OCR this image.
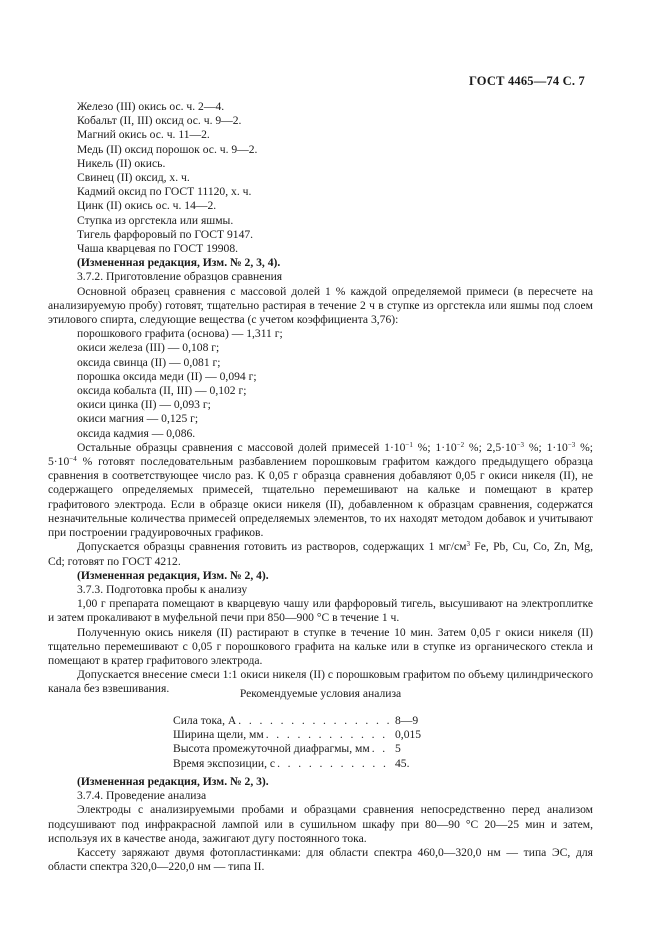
ГОСТ 4465—74 С. 7
Железо (III) окись ос. ч. 2—4.
Кобальт (II, III) оксид ос. ч. 9—2.
Магний окись ос. ч. 11—2.
Медь (II) оксид порошок ос. ч. 9—2.
Никель (II) окись.
Свинец (II) оксид, х. ч.
Кадмий оксид по ГОСТ 11120, х. ч.
Цинк (II) окись ос. ч. 14—2.
Ступка из оргстекла или яшмы.
Тигель фарфоровый по ГОСТ 9147.
Чаша кварцевая по ГОСТ 19908.
(Измененная редакция, Изм. № 2, 3, 4).
3.7.2. Приготовление образцов сравнения
Основной образец сравнения с массовой долей 1 % каждой определяемой примеси (в пересчете на анализируемую пробу) готовят, тщательно растирая в течение 2 ч в ступке из оргстекла или яшмы под слоем этилового спирта, следующие вещества (с учетом коэффициента 3,76):
порошкового графита (основа) — 1,311 г;
окиси железа (III) — 0,108 г;
оксида свинца (II) — 0,081 г;
порошка оксида меди (II) — 0,094 г;
оксида кобальта (II, III) — 0,102 г;
окиси цинка (II) — 0,093 г;
окиси магния — 0,125 г;
оксида кадмия — 0,086.
Остальные образцы сравнения с массовой долей примесей $1\cdot 10^{-1}$ %; $1\cdot 10^{-2}$ %; $2,5\cdot 10^{-3}$ %; $1\cdot 10^{-3}$ %; $5\cdot 10^{-4}$ % готовят последовательным разбавлением порошковым графитом каждого предыдущего образца сравнения в соответствующее число раз. К 0,05 г образца сравнения добавляют 0,05 г окиси никеля (II), не содержащего определяемых примесей, тщательно перемешивают на кальке и помещают в кратер графитового электрода. Если в образце окиси никеля (II), добавленном к образцам сравнения, содержатся незначительные количества примесей определяемых элементов, то их находят методом добавок и учитывают при построении градуировочных графиков.
Допускается образцы сравнения готовить из растворов, содержащих 1 $мг/см^3$ Fe, Pb, Cu, Co, Zn, Mg, Cd; готовят по ГОСТ 4212.
(Измененная редакция, Изм. № 2, 4).
3.7.3. Подготовка пробы к анализу
1,00 г препарата помещают в кварцевую чашу или фарфоровый тигель, высушивают на электроплитке и затем прокаливают в муфельной печи при 850—900 °С в течение 1 ч.
Полученную окись никеля (II) растирают в ступке в течение 10 мин. Затем 0,05 г окиси никеля (II) тщательно перемешивают с 0,05 г порошкового графита на кальке или в ступке из органического стекла и помещают в кратер графитового электрода.
Допускается внесение смеси 1:1 окиси никеля (II) с порошковым графитом по объему цилиндрического канала без взвешивания.	Рекомендуемые условия анализа
Сила тока, А . . .	8—9
Ширина щели, мм . . .	0,015
Высота промежуточной диафрагмы, мм . . . 5
Время экспозиции, с . . .	45.
(Измененная редакция, Изм. № 2, 3).
3.7.4. Проведение анализа
Электроды с анализируемыми пробами и образцами сравнения непосредственно перед анализом подсушивают под инфракрасной лампой или в сушильном шкафу при 80—90 °С 20—25 мин и затем, используя их в качестве анода, зажигают дугу постоянного тока.
Кассету заряжают двумя фотопластинками: для области спектра 460,0—320,0 нм — типа ЭС, для области спектра 320,0—220,0 нм — типа II.
